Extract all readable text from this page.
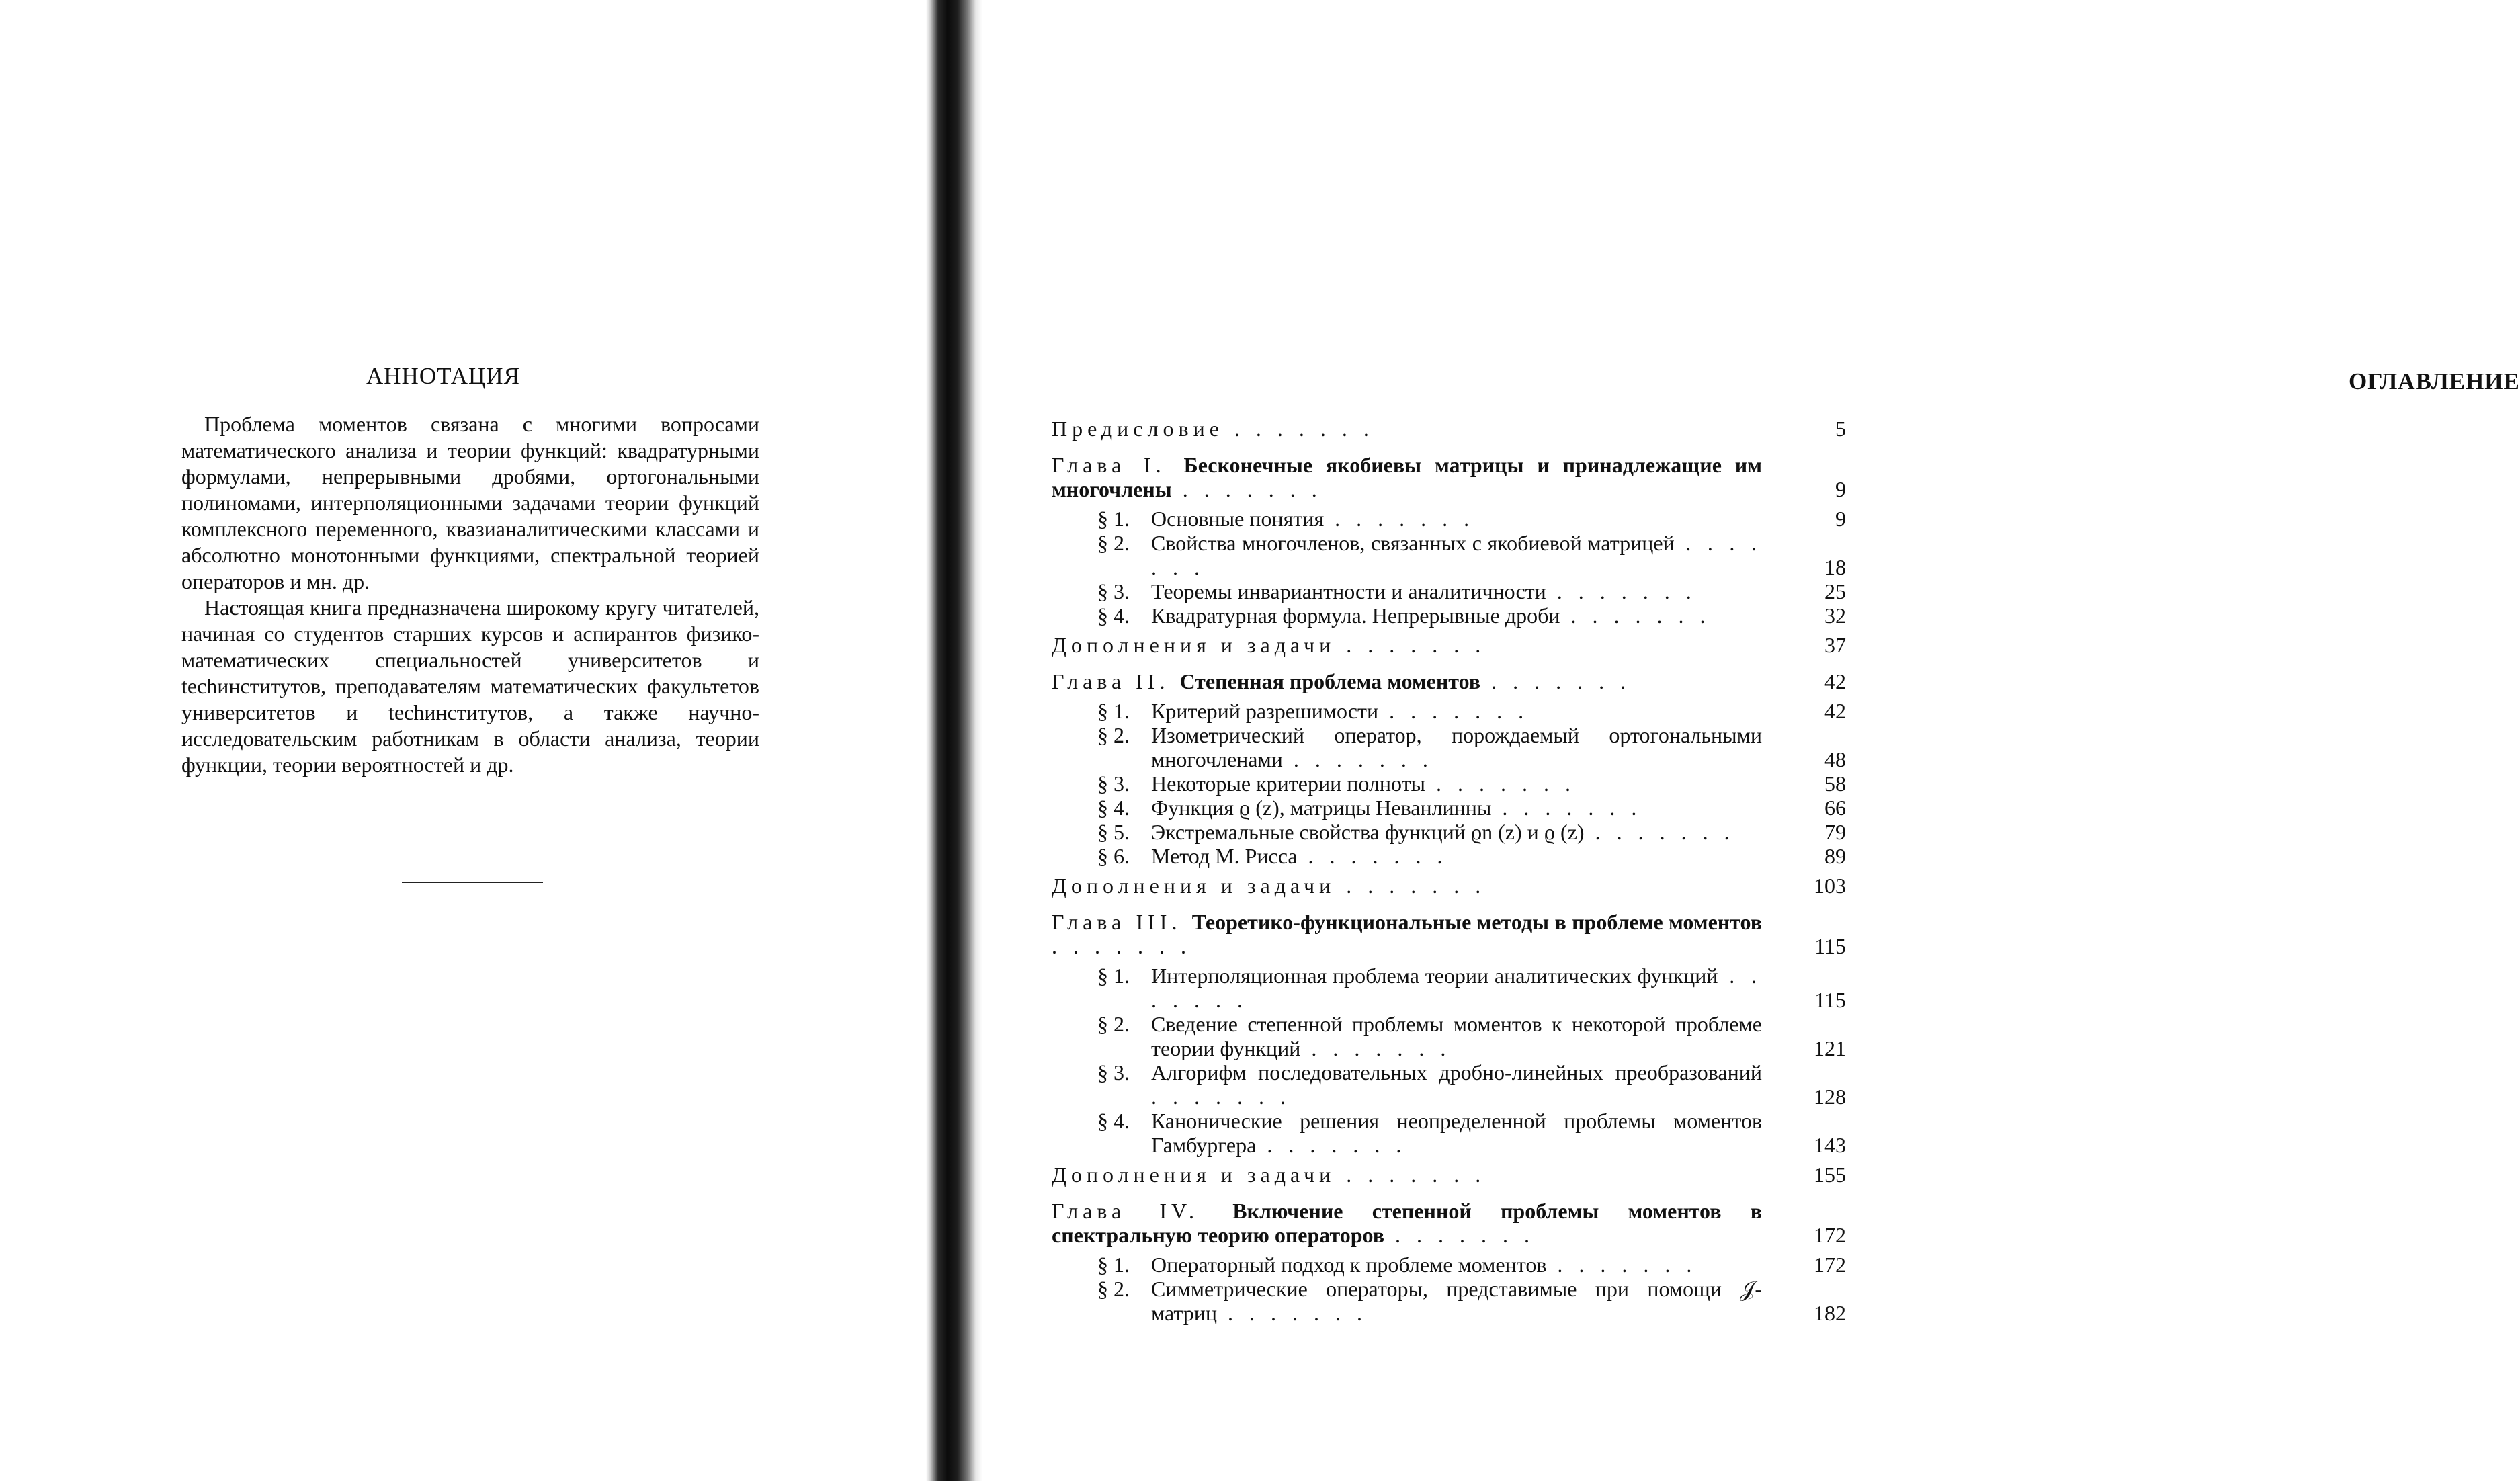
АННОТАЦИЯ

Проблема моментов связана с многими вопросами математического анализа и теории функций: квадратурными формулами, непрерывными дробями, ортогональными полиномами, интерполяционными задачами теории функций комплексного переменного, квазианалитическими классами и абсолютно монотонными функциями, спектральной теорией операторов и мн. др.

Настоящая книга предназначена широкому кругу читателей, начиная со студентов старших курсов и аспирантов физико-математических специальностей университетов и techинститутов, преподавателям математических факультетов университетов и techинститутов, а также научно-исследовательским работникам в области анализа, теории функции, теории вероятностей и др.

ОГЛАВЛЕНИЕ
Предисловие . . . . . . .	5
Глава I. Бесконечные якобиевы матрицы и принадлежащие им многочлены . . . . . . .	9
§ 1. Основные понятия . . . . . . .	9
§ 2. Свойства многочленов, связанных с якобиевой матрицей . . . . . . .	18
§ 3. Теоремы инвариантности и аналитичности . . . . . . .	25
§ 4. Квадратурная формула. Непрерывные дроби . . . . . . .	32
Дополнения и задачи . . . . . . .	37
Глава II. Степенная проблема моментов . . . . . . .	42
§ 1. Критерий разрешимости . . . . . . .	42
§ 2. Изометрический оператор, порождаемый ортогональными многочленами . . . . . . .	48
§ 3. Некоторые критерии полноты . . . . . . .	58
§ 4. Функция ϱ (z), матрицы Неванлинны . . . . . . .	66
§ 5. Экстремальные свойства функций ϱn (z) и ϱ (z) . . . . . . .	79
§ 6. Метод М. Рисса . . . . . . .	89
Дополнения и задачи . . . . . . .	103
Глава III. Теоретико-функциональные методы в проблеме моментов . . . . . . .	115
§ 1. Интерполяционная проблема теории аналитических функций . . . . . . .	115
§ 2. Сведение степенной проблемы моментов к некоторой проблеме теории функций . . . . . . .	121
§ 3. Алгорифм последовательных дробно-линейных преобразований . . . . . . .	128
§ 4. Канонические решения неопределенной проблемы моментов Гамбургера . . . . . . .	143
Дополнения и задачи . . . . . . .	155
Глава IV. Включение степенной проблемы моментов в спектральную теорию операторов . . . . . . .	172
§ 1. Операторный подход к проблеме моментов . . . . . . .	172
§ 2. Симметрические операторы, представимые при помощи 𝒥-матриц . . . . . . .	182
